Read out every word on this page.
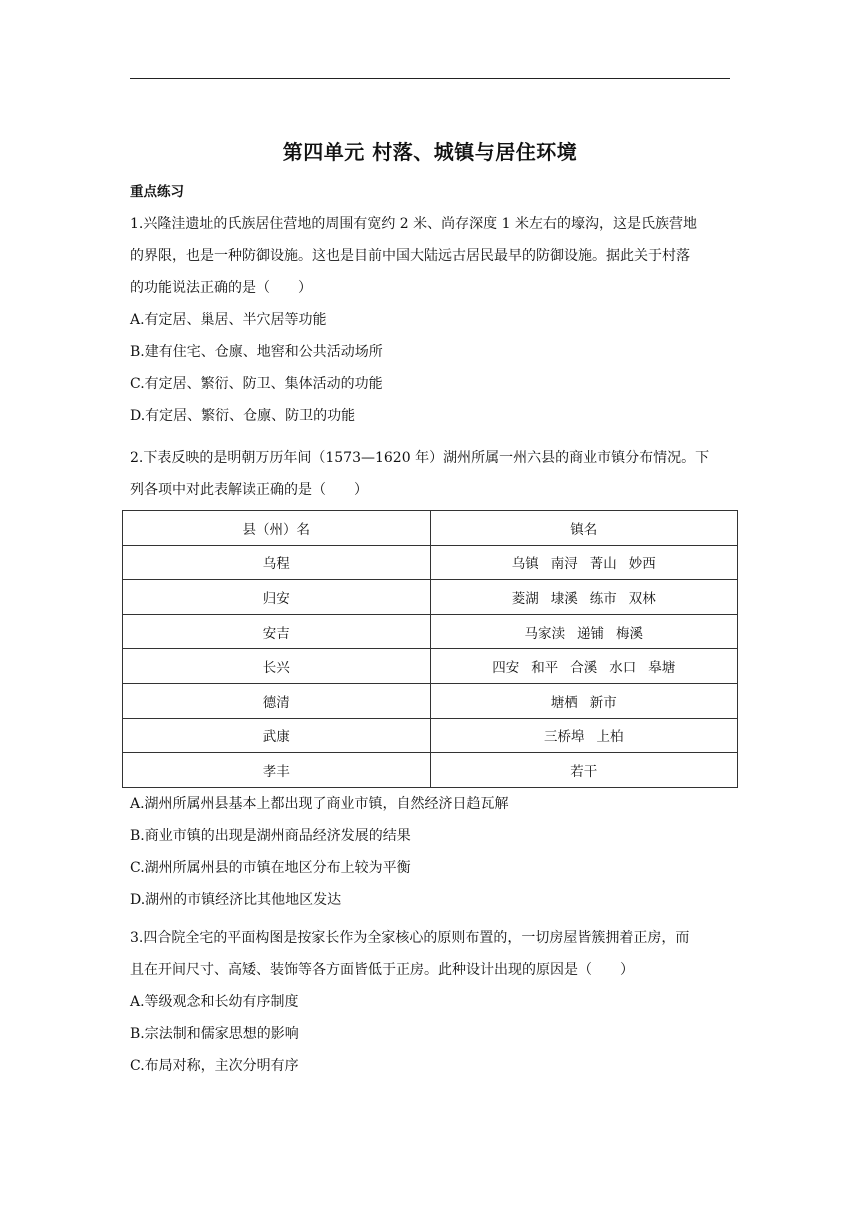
第四单元 村落、城镇与居住环境
重点练习

1.兴隆洼遗址的氏族居住营地的周围有宽约 2 米、尚存深度 1 米左右的壕沟，这是氏族营地

的界限，也是一种防御设施。这也是目前中国大陆远古居民最早的防御设施。据此关于村落

的功能说法正确的是（　　）

A.有定居、巢居、半穴居等功能

B.建有住宅、仓廪、地窖和公共活动场所

C.有定居、繁衍、防卫、集体活动的功能

D.有定居、繁衍、仓廪、防卫的功能

2.下表反映的是明朝万历年间（1573—1620 年）湖州所属一州六县的商业市镇分布情况。下

列各项中对此表解读正确的是（　　）

县（州）名	镇名
乌程	乌镇 南浔 菁山 妙西
归安	菱湖 埭溪 练市 双林
安吉	马家渎 递铺 梅溪
长兴	四安 和平 合溪 水口 皋塘
德清	塘栖 新市
武康	三桥埠 上柏
孝丰	若干

A.湖州所属州县基本上都出现了商业市镇，自然经济日趋瓦解

B.商业市镇的出现是湖州商品经济发展的结果

C.湖州所属州县的市镇在地区分布上较为平衡

D.湖州的市镇经济比其他地区发达

3.四合院全宅的平面构图是按家长作为全家核心的原则布置的，一切房屋皆簇拥着正房，而

且在开间尺寸、高矮、装饰等各方面皆低于正房。此种设计出现的原因是（　　）

A.等级观念和长幼有序制度

B.宗法制和儒家思想的影响

C.布局对称，主次分明有序
